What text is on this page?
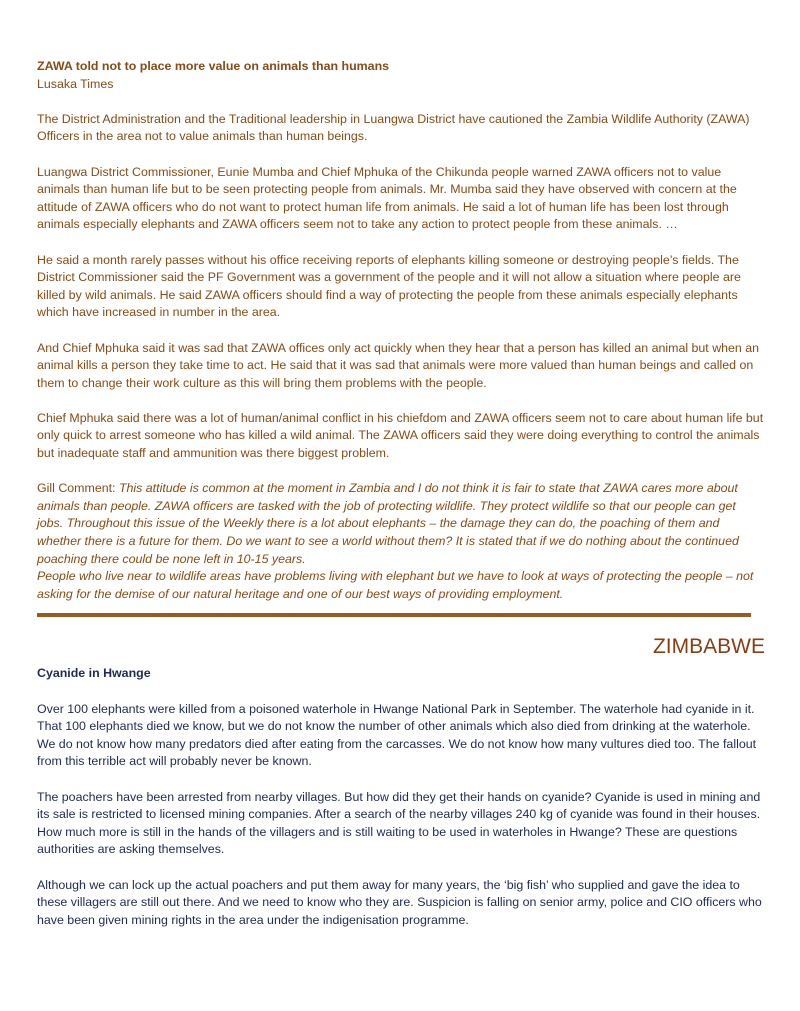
ZAWA told not to place more value on animals than humans

Lusaka Times

The District Administration and the Traditional leadership in Luangwa District have cautioned the Zambia Wildlife Authority (ZAWA) Officers in the area not to value animals than human beings.

Luangwa District Commissioner, Eunie Mumba and Chief Mphuka of the Chikunda people warned ZAWA officers not to value animals than human life but to be seen protecting people from animals. Mr. Mumba said they have observed with concern at the attitude of ZAWA officers who do not want to protect human life from animals. He said a lot of human life has been lost through animals especially elephants and ZAWA officers seem not to take any action to protect people from these animals. …

He said a month rarely passes without his office receiving reports of elephants killing someone or destroying people’s fields. The District Commissioner said the PF Government was a government of the people and it will not allow a situation where people are killed by wild animals. He said ZAWA officers should find a way of protecting the people from these animals especially elephants which have increased in number in the area.

And Chief Mphuka said it was sad that ZAWA offices only act quickly when they hear that a person has killed an animal but when an animal kills a person they take time to act. He said that it was sad that animals were more valued than human beings and called on them to change their work culture as this will bring them problems with the people.

Chief Mphuka said there was a lot of human/animal conflict in his chiefdom and ZAWA officers seem not to care about human life but only quick to arrest someone who has killed a wild animal. The ZAWA officers said they were doing everything to control the animals but inadequate staff and ammunition was there biggest problem.

Gill Comment: This attitude is common at the moment in Zambia and I do not think it is fair to state that ZAWA cares more about animals than people. ZAWA officers are tasked with the job of protecting wildlife. They protect wildlife so that our people can get jobs. Throughout this issue of the Weekly there is a lot about elephants – the damage they can do, the poaching of them and whether there is a future for them. Do we want to see a world without them? It is stated that if we do nothing about the continued poaching there could be none left in 10-15 years.

People who live near to wildlife areas have problems living with elephant but we have to look at ways of protecting the people – not asking for the demise of our natural heritage and one of our best ways of providing employment.

ZIMBABWE

Cyanide in Hwange

Over 100 elephants were killed from a poisoned waterhole in Hwange National Park in September. The waterhole had cyanide in it. That 100 elephants died we know, but we do not know the number of other animals which also died from drinking at the waterhole. We do not know how many predators died after eating from the carcasses. We do not know how many vultures died too. The fallout from this terrible act will probably never be known.

The poachers have been arrested from nearby villages. But how did they get their hands on cyanide? Cyanide is used in mining and its sale is restricted to licensed mining companies. After a search of the nearby villages 240 kg of cyanide was found in their houses. How much more is still in the hands of the villagers and is still waiting to be used in waterholes in Hwange? These are questions authorities are asking themselves.

Although we can lock up the actual poachers and put them away for many years, the ‘big fish’ who supplied and gave the idea to these villagers are still out there. And we need to know who they are. Suspicion is falling on senior army, police and CIO officers who have been given mining rights in the area under the indigenisation programme.
